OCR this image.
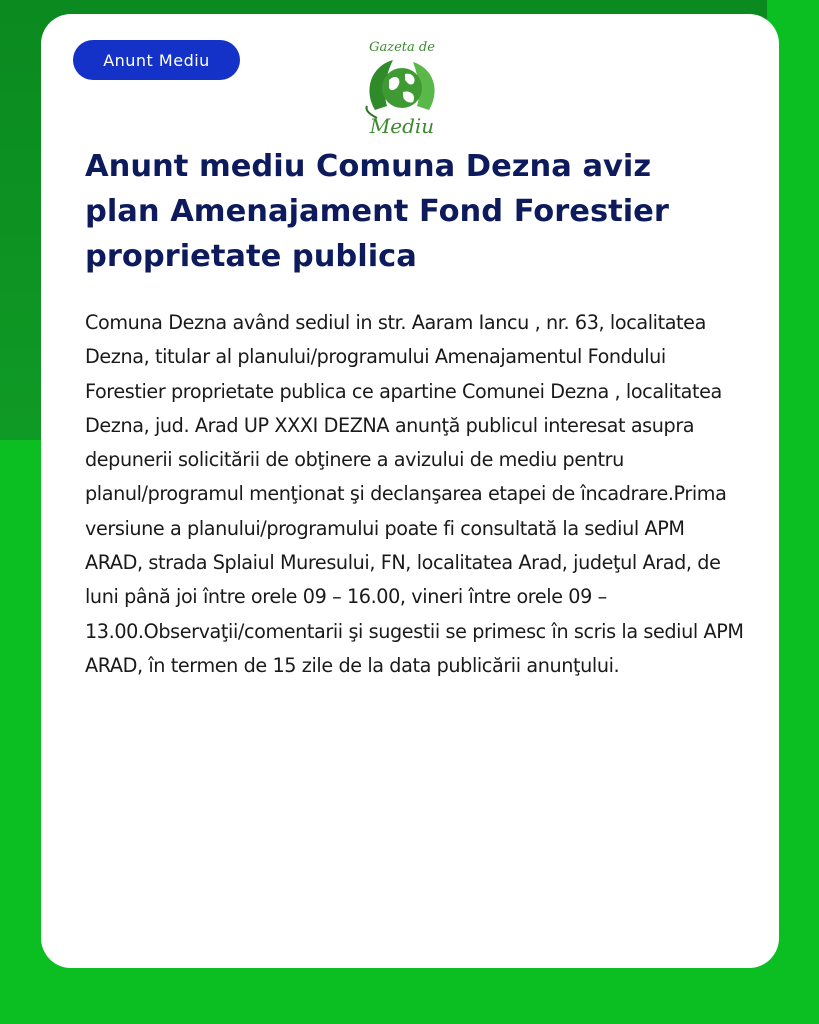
Anunt Mediu
Gazeta de
Mediu
Anunt mediu Comuna Dezna aviz plan Amenajament Fond Forestier proprietate publica

Comuna Dezna având sediul in str. Aaram Iancu , nr. 63, localitatea Dezna, titular al planului/programului Amenajamentul Fondului Forestier proprietate publica ce apartine Comunei Dezna , localitatea Dezna, jud. Arad UP XXXI DEZNA anunţă publicul interesat asupra depunerii solicitării de obţinere a avizului de mediu pentru planul/programul menţionat şi declanşarea etapei de încadrare.Prima versiune a planului/programului poate fi consultată la sediul APM ARAD, strada Splaiul Muresului, FN, localitatea Arad, judeţul Arad, de luni până joi între orele 09 – 16.00, vineri între orele 09 – 13.00.Observaţii/comentarii şi sugestii se primesc în scris la sediul APM ARAD, în termen de 15 zile de la data publicării anunţului.
